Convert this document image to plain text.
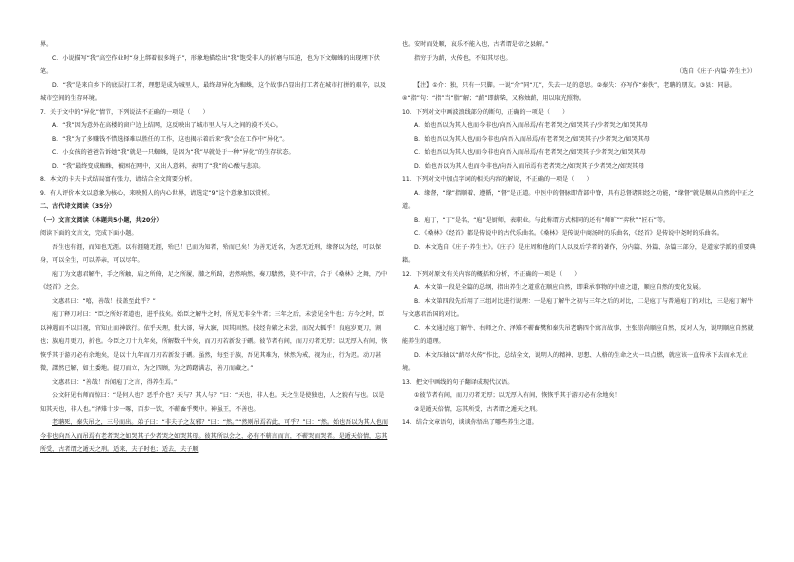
界。

C．小说描写“我”高空作业时“身上绑着很多绳子”，形象地描绘出“我”饱受非人的折磨与压迫，也为下文蜘蛛的出现埋下伏笔。

D．“我”是来自乡下的底层打工者，理想是成为城里人，最终却异化为蜘蛛，这个故事凸显出打工者在城市打拼的艰辛，以及城市空间的生存环境。

7．关于文中的“异化”情节，下列说法不正确的一项是（　　）

A．“我”因为意外在高楼的窗户边上结网，这反映出了城市里人与人之间的漠不关心。

B．“我”为了多赚钱不惜选择难以胜任的工作，这也揭示着后来“我”会在工作中“异化”。

C．小女孩的爸爸告诉她“我”就是一只蜘蛛，是因为“我”早就处于一种“异化”的生存状态。

D．“我”最终变成蜘蛛，被困在网中，又出人意料，表明了“我”的心酸与悲凉。

8．本文的卡夫卡式结局富有张力，请结合全文简要分析。

9．有人评价本文以意象为核心，来映照人的内心世界，请选定“9”这个意象加以赏析。

二、古代诗文阅读（35分）

（一）文言文阅读（本题共5小题，共20分）

阅读下面的文言文，完成下面小题。

吾生也有涯，而知也无涯。以有涯随无涯，殆已！已而为知者，殆而已矣！为善无近名，为恶无近刑，缘督以为经，可以保身，可以全生，可以养亲，可以尽年。

庖丁为文惠君解牛，手之所触，肩之所倚，足之所履，膝之所踦，砉然响然，奏刀騞然，莫不中音，合于《桑林》之舞，乃中《经首》之会。

文惠君曰：“嘻，善哉！技盖至此乎？”

庖丁释刀对曰：“臣之所好者道也，进乎技矣。始臣之解牛之时，所见无非全牛者；三年之后，未尝见全牛也；方今之时，臣以神遇而不以目视，官知止而神欲行。依乎天理，批大郤，导大窾，因其固然。技经肯綮之未尝，而况大軱乎！良庖岁更刀，割也；族庖月更刀，折也。今臣之刀十九年矣，所解数千牛矣，而刀刃若新发于硎。彼节者有间，而刀刃者无厚；以无厚入有间，恢恢乎其于游刃必有余地矣，是以十九年而刀刃若新发于硎。虽然，每至于族，吾见其难为，怵然为戒，视为止，行为迟。动刀甚微，謋然已解，如土委地。提刀而立，为之四顾，为之踌躇满志，善刀而藏之。”

文惠君曰：“善哉！吾闻庖丁之言，得养生焉。”

公文轩见右师而惊曰：“是何人也？恶乎介也？天与？其人与？”曰：“天也，非人也。天之生是使独也，人之貌有与也。以是知其天也，非人也。”泽雉十步一啄，百步一饮，不蕲畜乎樊中。神虽王，不善也。

老聃死，秦失吊之，三号而出。弟子曰：“非夫子之友邪？”曰：“然。”“然则吊焉若此，可乎？”曰：“然。始也吾以为其人也而今非也向吾入而吊焉有老者哭之如哭其子少者哭之如哭其母。彼其所以会之，必有不蕲言而言，不蕲哭而哭者。是遁天倍情，忘其所受，古者谓之遁天之刑。适来，夫子时也；适去，夫子顺

也。安时而处顺，哀乐不能入也，古者谓是帝之县解。”

指穷于为薪，火传也，不知其尽也。

（选自《庄子·内篇·养生主》）

【注】①介：独，只有一只脚。一说“介”同“兀”，失去一足的意思。②秦失：亦写作“秦佚”，老聃的朋友。③县：同悬。④“指”句：“指”当“脂”解；“薪”即薪柴，又称烛薪，用以取光照物。

10．下列对文中画波浪线部分的断句，正确的一项是（　　）

A．始也吾以为其人也而今非也/向吾入而吊焉/有老者哭之/如哭其子/少者哭之/如哭其母

B．始也吾以为其人也/而今非也/向吾入而吊焉/有老者哭之/如哭其子/少者哭之/如哭其母

C．始也吾以为其人也/而今非也向吾入而吊焉/有老者哭之/如哭其子少者哭之/如哭其母

D．始也吾以为其人也而今非也/向吾入而吊焉有老者哭之/如哭其子少者哭之/如哭其母

11．下列对文中加点字词的相关内容的解说，不正确的一项是（　　）

A．缘督，“缘”指顺着、遵循，“督”是正道。中医中的督脉即背部中脊，具有总督诸阳经之功能，“缘督”就是顺从自然的中正之道。

B．庖丁，“丁”是名，“庖”是厨师，表职业。与此称谓方式相同的还有“师旷”“弈秋”“匠石”等。

C．《桑林》《经首》都是传说中的古代乐曲名。《桑林》是传说中商汤时的乐曲名，《经首》是传说中尧时的乐曲名。

D．本文选自《庄子·养生主》。《庄子》是庄周和他的门人以及后学者的著作，分内篇、外篇、杂篇三部分，是道家学派的重要典籍。

12．下列对原文有关内容的概括和分析，不正确的一项是（　　）

A．本文第一段是全篇的总纲，指出养生之道重在顺应自然，即秉承事物的中虚之道，顺应自然的变化发展。

B．本文第四段先后用了三组对比进行说理：一是庖丁解牛之初与三年之后的对比，二是庖丁与普通庖丁的对比，三是庖丁解牛与文惠君治国的对比。

C．本文通过庖丁解牛、右师之介、泽雉不蕲畜樊和秦失吊老聃四个寓言故事，主张崇尚顺应自然，反对人为，说明顺应自然就能养生的道理。

D．本文压轴以“薪尽火传”作比，总结全文，说明人的精神、思想、人格的生命之火一旦点燃，就应该一直传承下去而永无止境。

13．把文中画线的句子翻译成现代汉语。

①彼节者有间，而刀刃者无厚；以无厚入有间，恢恢乎其于游刃必有余地矣！

②是遁天倍情，忘其所受，古者谓之遁天之刑。

14．结合文章语句，谈谈你悟出了哪些养生之道。
